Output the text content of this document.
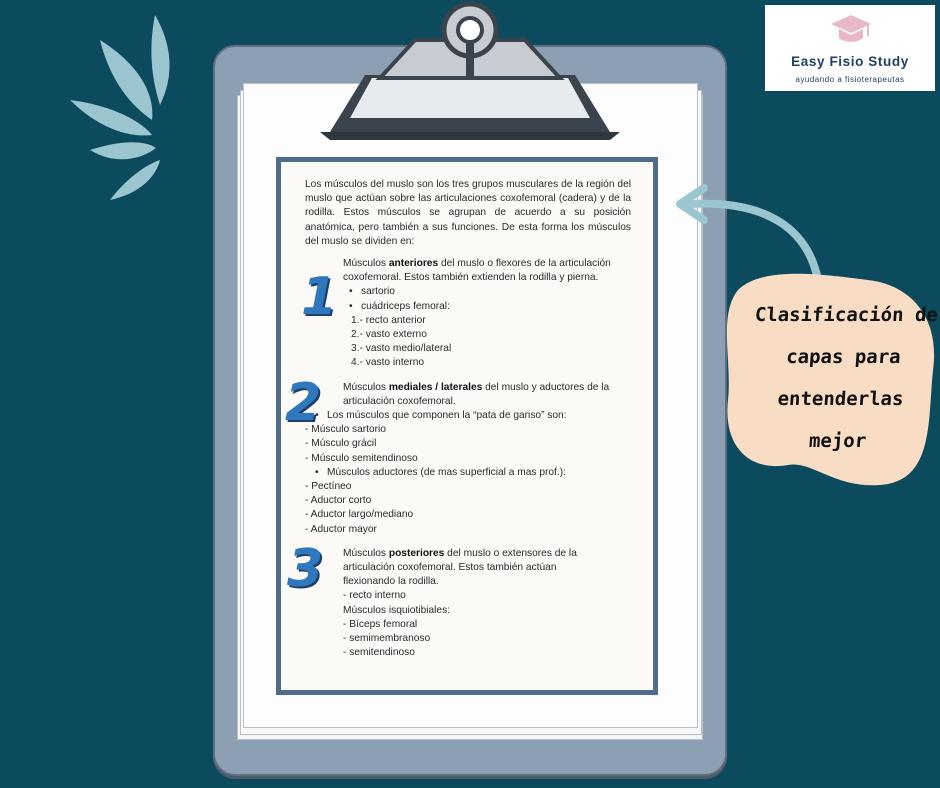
Los músculos del muslo son los tres grupos musculares de la región del muslo que actúan sobre las articulaciones coxofemoral (cadera) y de la rodilla. Estos músculos se agrupan de acuerdo a su posición anatómica, pero también a sus funciones. De esta forma los músculos del muslo se dividen en:

1
Músculos anteriores del muslo o flexores de la articulación
coxofemoral. Estos también extienden la rodilla y pierna.
• sartorio
• cuádriceps femoral:
1.- recto anterior
2.- vasto externo
3.- vasto medio/lateral
4.- vasto interno
2 Músculos mediales / laterales del muslo y aductores de la
articulación coxofemoral.
• Los músculos que componen la “pata de ganso” son:
- Músculo sartorio
- Músculo grácil
- Músculo semitendinoso
• Músculos aductores (de mas superficial a mas prof.):
- Pectíneo
- Aductor corto
- Aductor largo/mediano
- Aductor mayor
3 Músculos posteriores del muslo o extensores de la
articulación coxofemoral. Estos también actúan
flexionando la rodilla.
- recto interno
Músculos isquiotibiales:
- Bíceps femoral
- semimembranoso
- semitendinoso
Easy Fisio Study
ayudando a fisioterapeutas
Clasificación de
capas para
entenderlas
mejor
